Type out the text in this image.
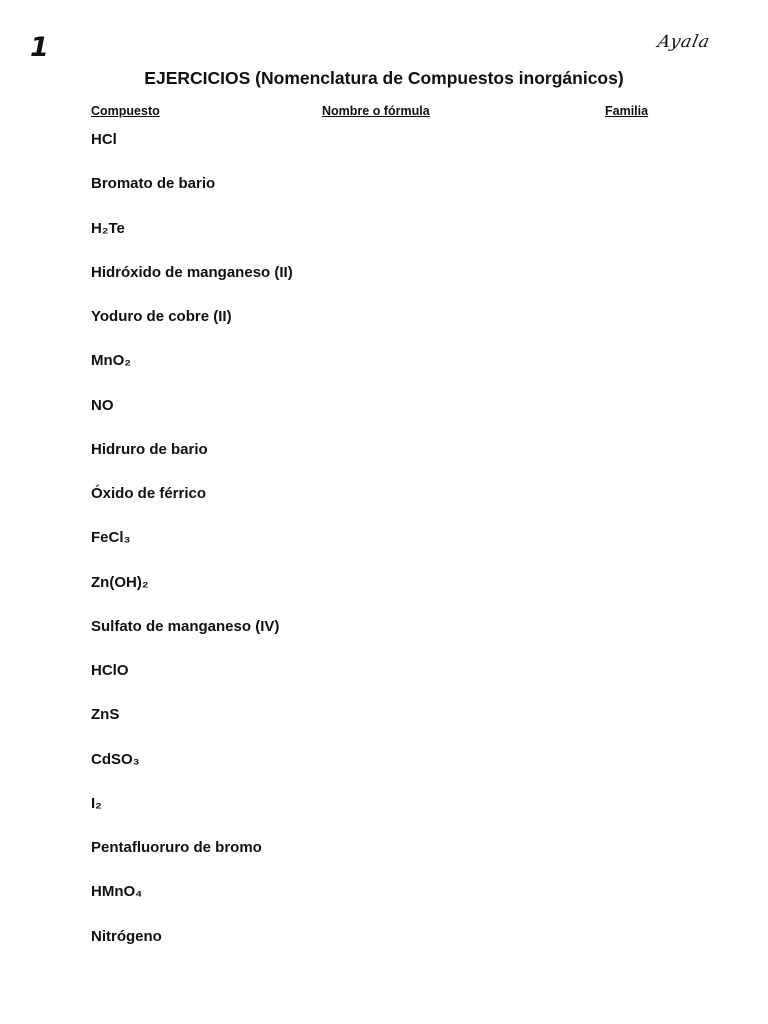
1	Ayala
EJERCICIOS (Nomenclatura de Compuestos inorgánicos)
Compuesto	Nombre o fórmula	Familia
HCl
Bromato de bario
H₂Te
Hidróxido de manganeso (II)
Yoduro de cobre (II)
MnO₂
NO
Hidruro de bario
Óxido de férrico
FeCl₃
Zn(OH)₂
Sulfato de manganeso (IV)
HClO
ZnS
CdSO₃
I₂
Pentafluoruro de bromo
HMnO₄
Nitrógeno
